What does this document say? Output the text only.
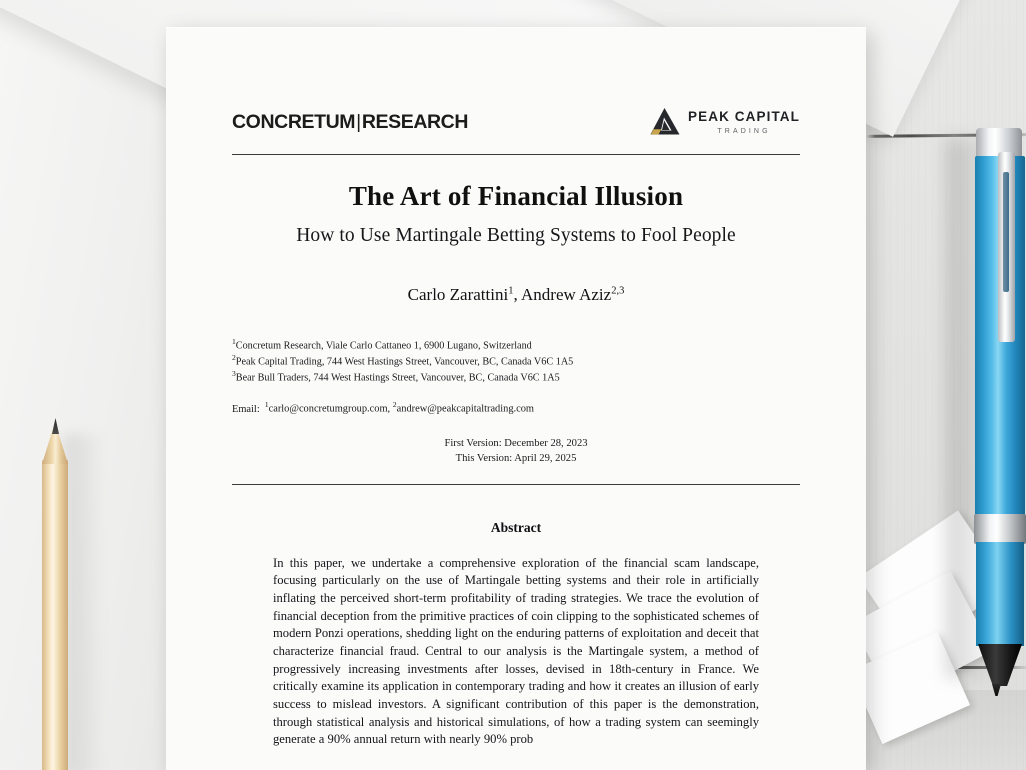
CONCRETUM|RESEARCH	PEAK CAPITAL
TRADING
The Art of Financial Illusion
How to Use Martingale Betting Systems to Fool People
Carlo Zarattini$^1$, Andrew Aziz$^{2,3}$
$^1$Concretum Research, Viale Carlo Cattaneo 1, 6900 Lugano, Switzerland
$^2$Peak Capital Trading, 744 West Hastings Street, Vancouver, BC, Canada V6C 1A5
$^3$Bear Bull Traders, 744 West Hastings Street, Vancouver, BC, Canada V6C 1A5
Email: $^1$carlo@concretumgroup.com, $^2$andrew@peakcapitaltrading.com
First Version: December 28, 2023
This Version: April 29, 2025
Abstract

In this paper, we undertake a comprehensive exploration of the financial scam landscape, focusing particularly on the use of Martingale betting systems and their role in artificially inflating the perceived short-term profitability of trading strategies. We trace the evolution of financial deception from the primitive practices of coin clipping to the sophisticated schemes of modern Ponzi operations, shedding light on the enduring patterns of exploitation and deceit that characterize financial fraud. Central to our analysis is the Martingale system, a method of progressively increasing investments after losses, devised in 18th-century in France. We critically examine its application in contemporary trading and how it creates an illusion of early success to mislead investors. A significant contribution of this paper is the demonstration, through statistical analysis and historical simulations, of how a trading system can seemingly generate a 90% annual return with nearly 90% prob
